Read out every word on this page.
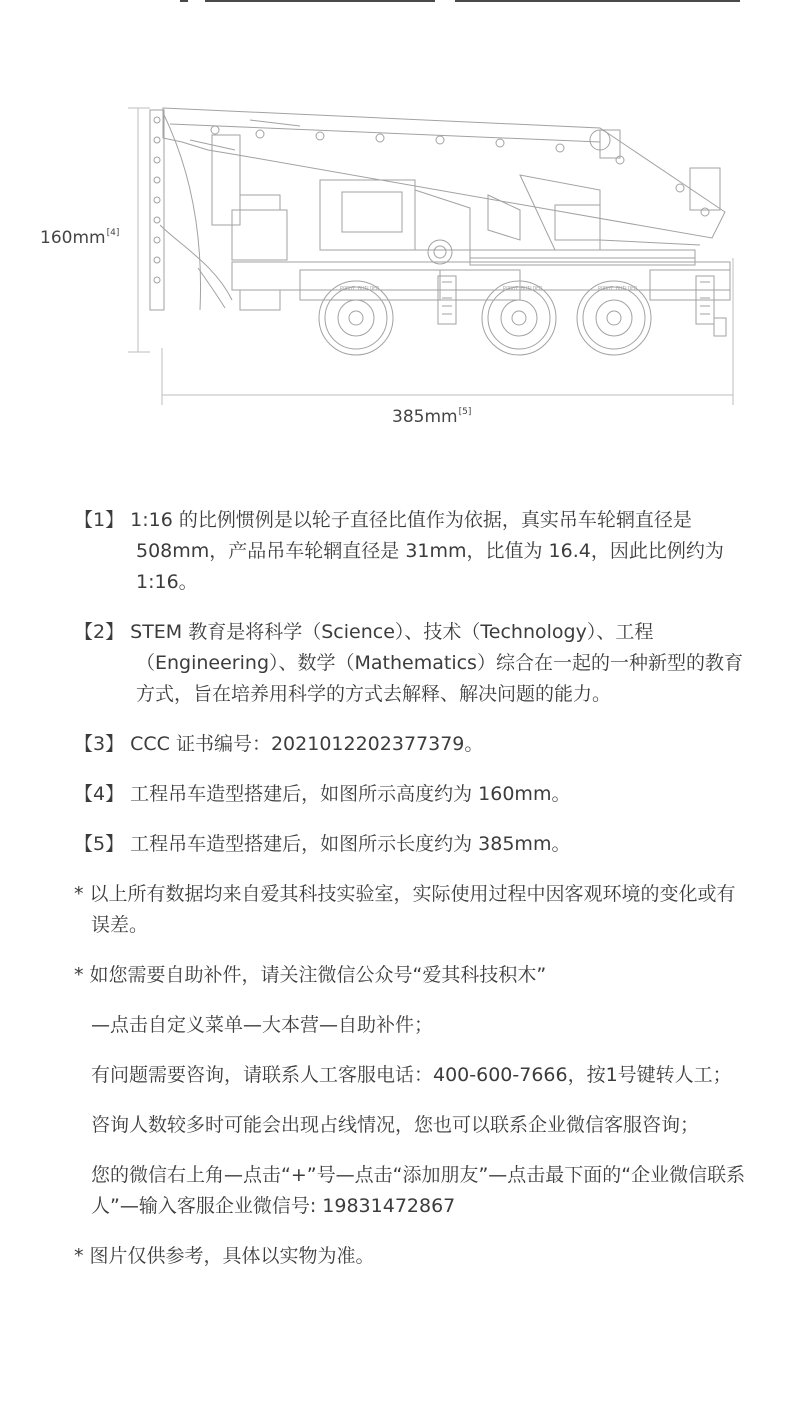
ROBOT BUILDER	ROBOT BUILDER	ROBOT BUILDER
160mm[4]
385mm[5]

【1】 1:16 的比例惯例是以轮子直径比值作为依据，真实吊车轮辋直径是 508mm，产品吊车轮辋直径是 31mm，比值为 16.4，因此比例约为 1:16。

【2】 STEM 教育是将科学（Science）、技术（Technology）、工程（Engineering）、数学（Mathematics）综合在一起的一种新型的教育方式，旨在培养用科学的方式去解释、解决问题的能力。

【3】 CCC 证书编号：2021012202377379。

【4】 工程吊车造型搭建后，如图所示高度约为 160mm。

【5】 工程吊车造型搭建后，如图所示长度约为 385mm。

* 以上所有数据均来自爱其科技实验室，实际使用过程中因客观环境的变化或有误差。

* 如您需要自助补件，请关注微信公众号“爱其科技积木”

—点击自定义菜单—大本营—自助补件；

有问题需要咨询，请联系人工客服电话：400-600-7666，按1号键转人工；

咨询人数较多时可能会出现占线情况，您也可以联系企业微信客服咨询；

您的微信右上角—点击“+”号—点击“添加朋友”—点击最下面的“企业微信联系人”—输入客服企业微信号: 19831472867

* 图片仅供参考，具体以实物为准。
